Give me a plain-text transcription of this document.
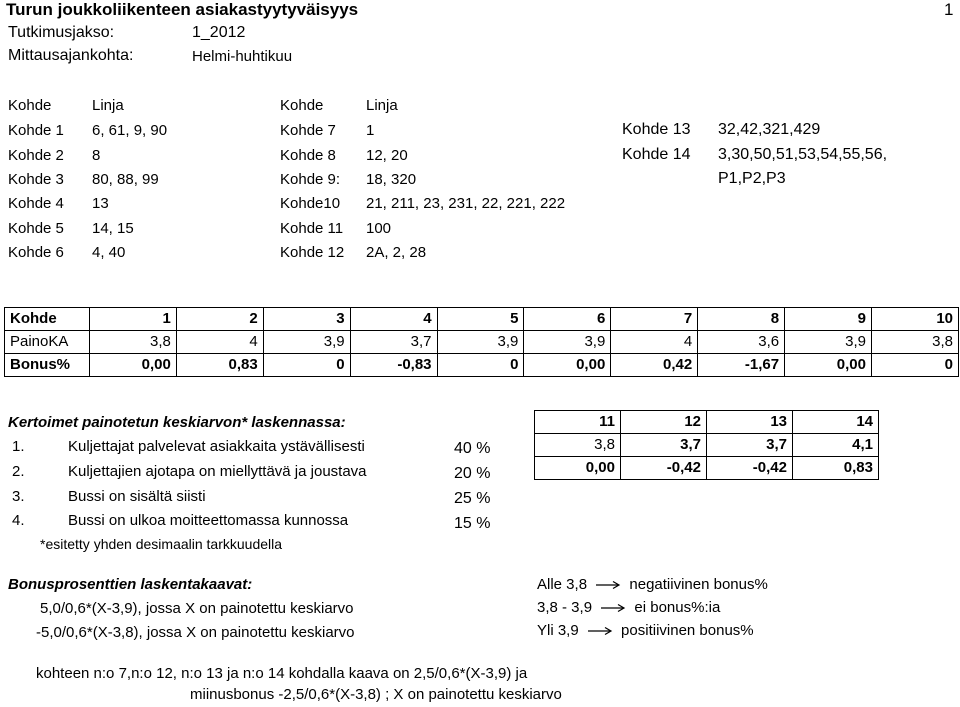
Turun joukkoliikenteen asiakastyytyväisyys	1
Tutkimusjakso:	1_2012
Mittausajankohta:	Helmi-huhtikuu
Kohde	Linja	Kohde	Linja
Kohde 1 6, 61, 9, 90
Kohde 2 8
Kohde 3 80, 88, 99
Kohde 4 13
Kohde 5 14, 15
Kohde 6 4, 40
Kohde 7 1
Kohde 8 12, 20
Kohde 9: 18, 320
Kohde10 21, 211, 23, 231, 22, 221, 222
Kohde 11 100
Kohde 12 2A, 2, 28
Kohde 13 32,42,321,429
Kohde 14 3,30,50,51,53,54,55,56,
P1,P2,P3
Kohde	1	2	3	4	5	6	7	8	9	10
PainoKA	3,8	4	3,9	3,7	3,9	3,9	4	3,6	3,9	3,8
Bonus%	0,00	0,83	0	-0,83	0	0,00	0,42	-1,67	0,00	0
Kertoimet painotetun keskiarvon* laskennassa:
1.	Kuljettajat palvelevat asiakkaita ystävällisesti	40 %
2.	Kuljettajien ajotapa on miellyttävä ja joustava	20 %
3.	Bussi on sisältä siisti	25 %
4.	Bussi on ulkoa moitteettomassa kunnossa	15 %
*esitetty yhden desimaalin tarkkuudella
11	12	13	14
3,8	3,7	3,7	4,1
0,00	-0,42	-0,42	0,83
Bonusprosenttien laskentakaavat:
5,0/0,6*(X-3,9), jossa X on painotettu keskiarvo
-5,0/0,6*(X-3,8), jossa X on painotettu keskiarvo
Alle 3,8	negatiivinen bonus%
3,8 - 3,9	ei bonus%:ia
Yli 3,9	positiivinen bonus%
kohteen n:o 7,n:o 12, n:o 13 ja n:o 14 kohdalla kaava on 2,5/0,6*(X-3,9) ja
miinusbonus -2,5/0,6*(X-3,8) ; X on painotettu keskiarvo
